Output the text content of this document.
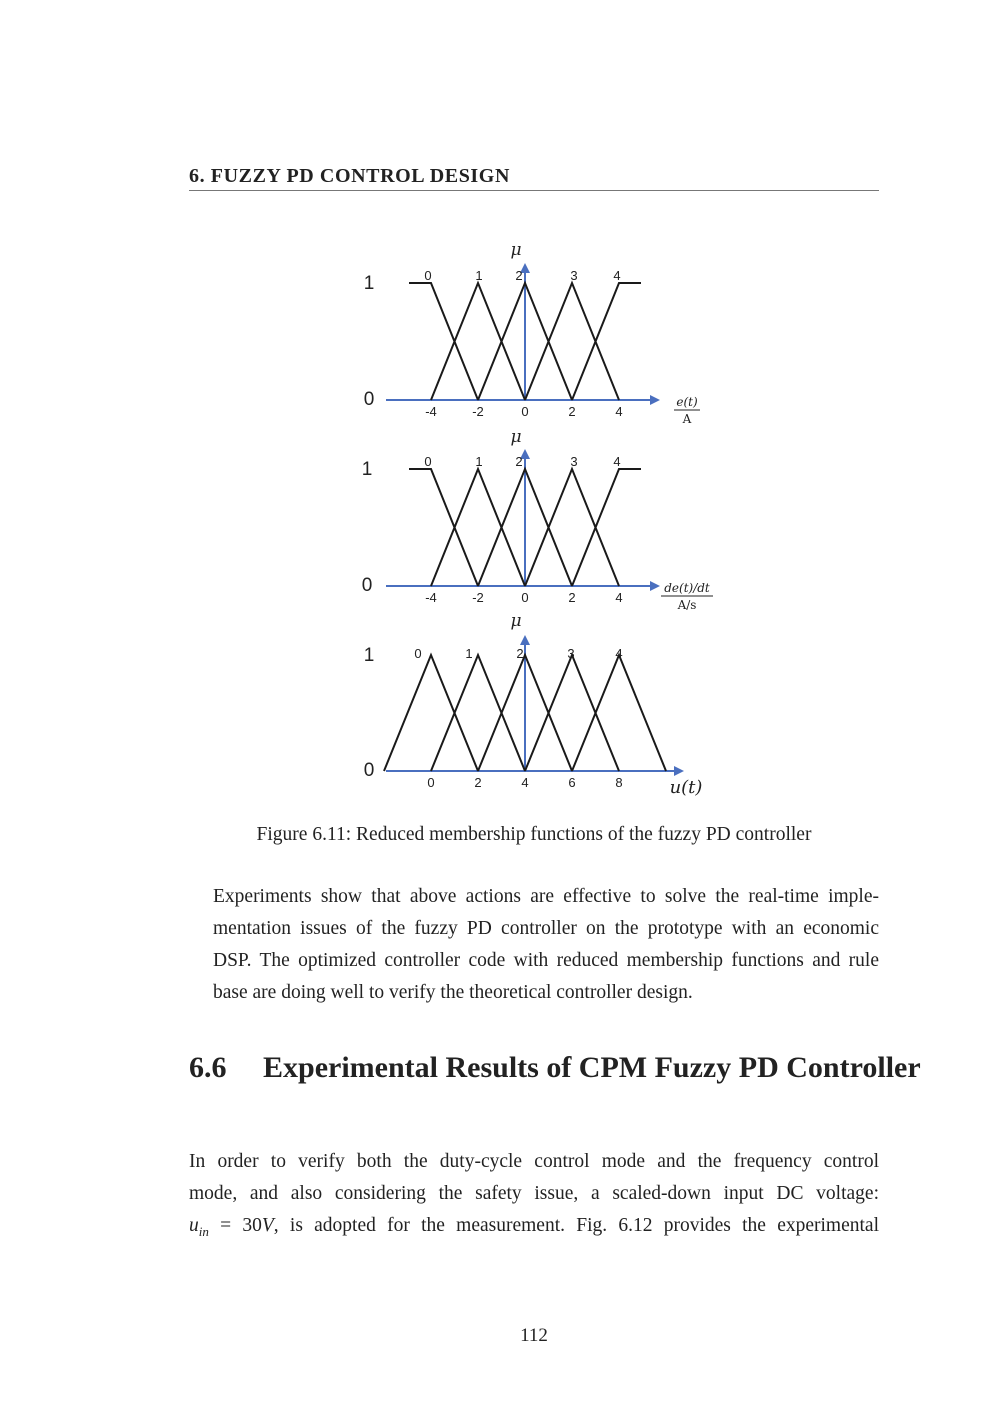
6. FUZZY PD CONTROL DESIGN
1
0
0	1	2	3	4
-4	-2	0	2	4
μ
e(t)
A
1
0
0	1	2	3	4
-4	-2	0	2	4
μ
de(t)/dt
A/s
1
0
0	1	2	3	4
0	2	4	6	8
μ
u(t)
Figure 6.11: Reduced membership functions of the fuzzy PD controller
Experiments show that above actions are effective to solve the real-time imple-
mentation issues of the fuzzy PD controller on the prototype with an economic
DSP. The optimized controller code with reduced membership functions and rule
base are doing well to verify the theoretical controller design.
6.6 Experimental Results of CPM Fuzzy PD Controller
In order to verify both the duty-cycle control mode and the frequency control
mode, and also considering the safety issue, a scaled-down input DC voltage:
$u_{in} = 30V$, is adopted for the measurement. Fig. 6.12 provides the experimental
112
